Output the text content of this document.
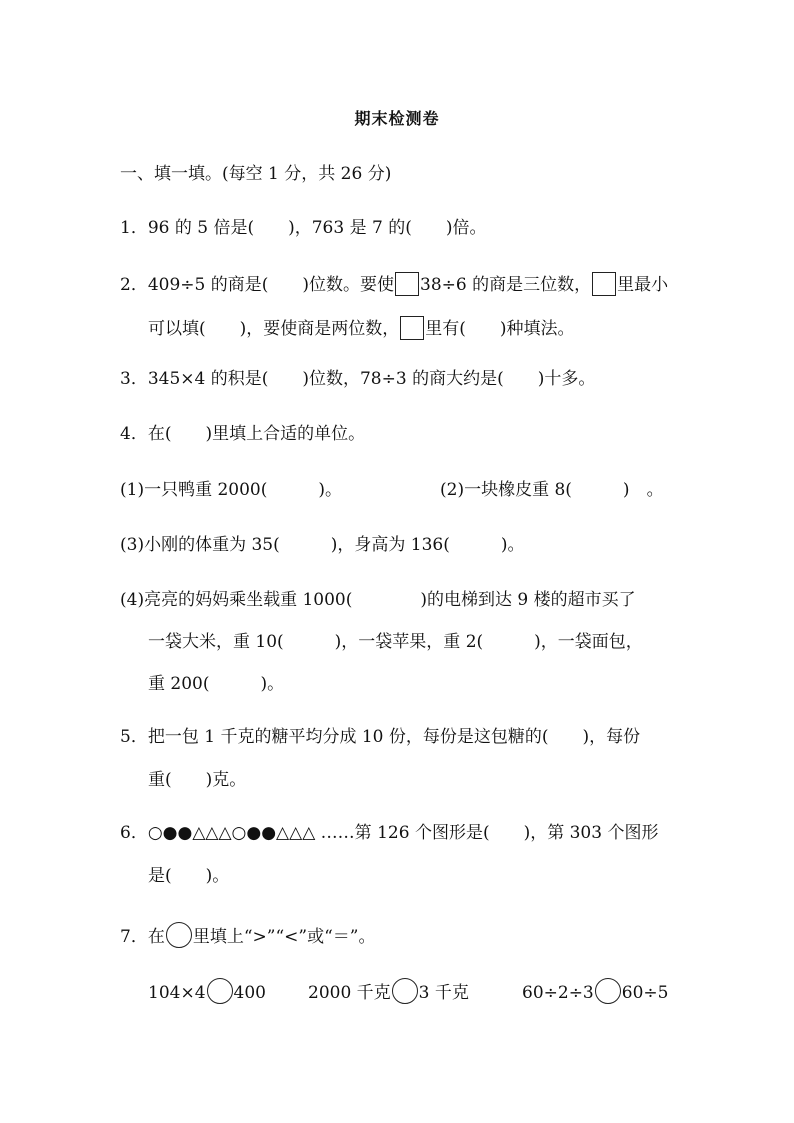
期末检测卷
一、填一填。(每空 1 分，共 26 分)
1．96 的 5 倍是(　　)，763 是 7 的(　　)倍。
2．409÷5 的商是(　　)位数。要使 38÷6 的商是三位数， 里最小
可以填(　　)，要使商是两位数， 里有(　　)种填法。
3．345×4 的积是(　　)位数，78÷3 的商大约是(　　)十多。
4．在(　　)里填上合适的单位。
(1)一只鸭重 2000(　　　)。	(2)一块橡皮重 8(　　　)　。
(3)小刚的体重为 35(　　　)，身高为 136(　　　)。
(4)亮亮的妈妈乘坐载重 1000(　　　　)的电梯到达 9 楼的超市买了
一袋大米，重 10(　　　)，一袋苹果，重 2(　　　)，一袋面包，
重 200(　　　)。
5．把一包 1 千克的糖平均分成 10 份，每份是这包糖的(　　)，每份
重(　　)克。
6．○●●△△△○●●△△△ ……第 126 个图形是(　　)，第 303 个图形
是(　　)。
7．在 里填上“>”“<”或“＝”。
104×4 400 2000 千克 3 千克	60÷2÷3 60÷5
